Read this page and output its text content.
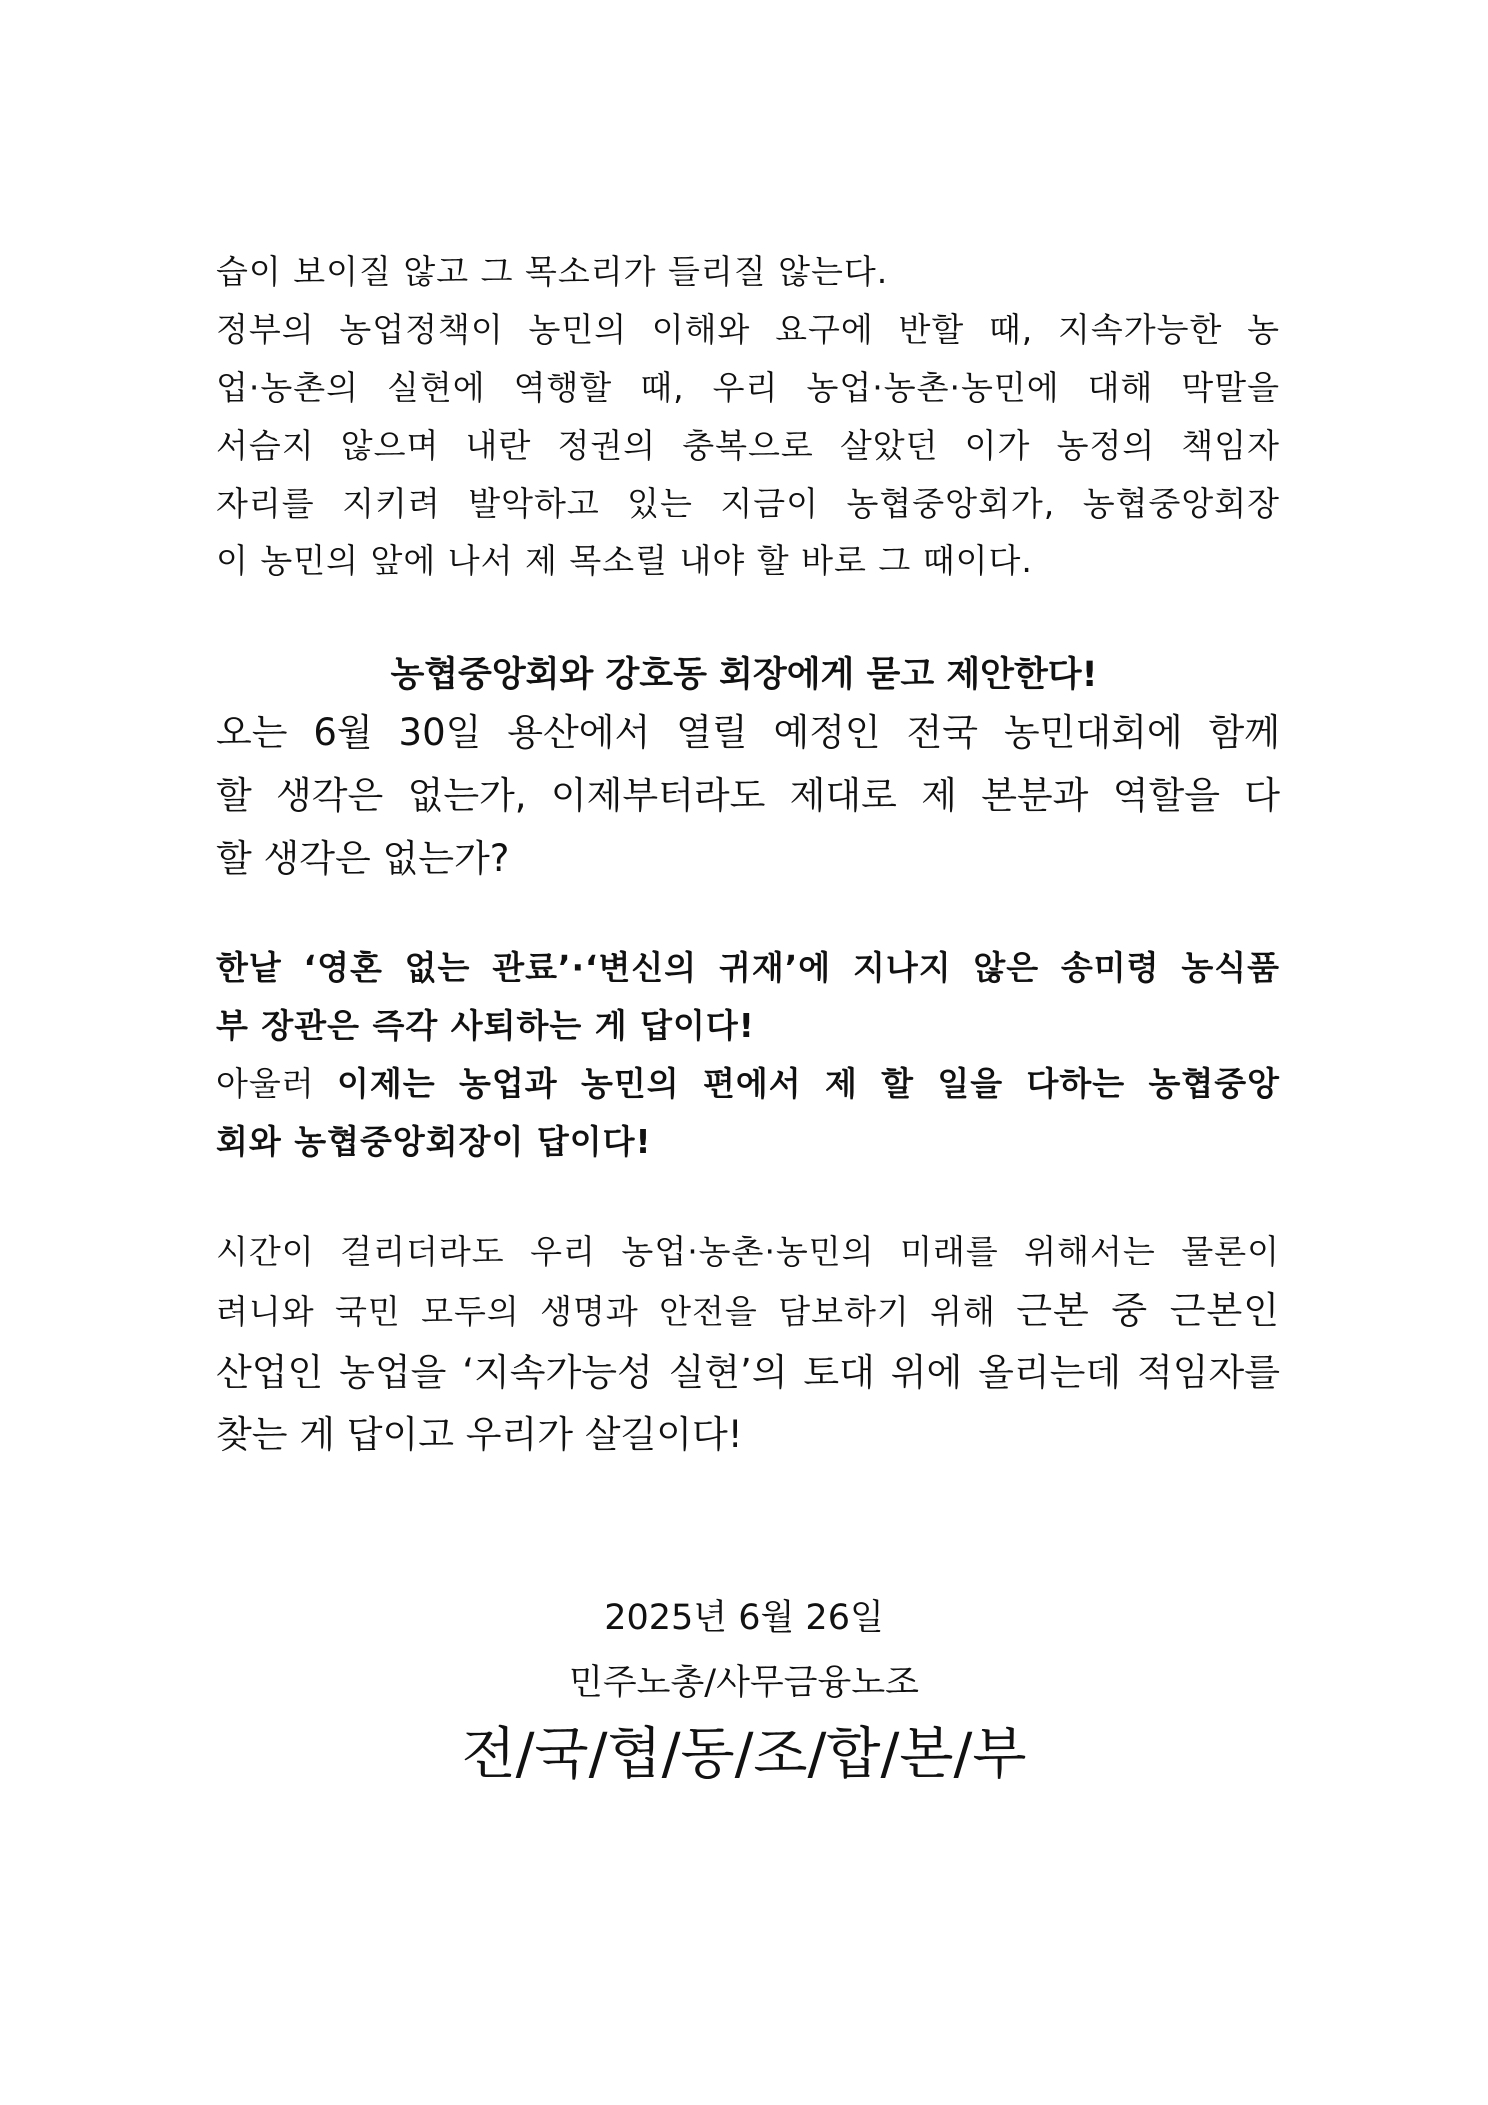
습이 보이질 않고 그 목소리가 들리질 않는다.
정부의 농업정책이 농민의 이해와 요구에 반할 때, 지속가능한 농
업·농촌의 실현에 역행할 때, 우리 농업·농촌·농민에 대해 막말을
서슴지 않으며 내란 정권의 충복으로 살았던 이가 농정의 책임자
자리를 지키려 발악하고 있는 지금이 농협중앙회가, 농협중앙회장
이 농민의 앞에 나서 제 목소릴 내야 할 바로 그 때이다.
농협중앙회와 강호동 회장에게 묻고 제안한다!
오는 6월 30일 용산에서 열릴 예정인 전국 농민대회에 함께
할 생각은 없는가, 이제부터라도 제대로 제 본분과 역할을 다
할 생각은 없는가?
한낱 ‘영혼 없는 관료’·‘변신의 귀재’에 지나지 않은 송미령 농식품
부 장관은 즉각 사퇴하는 게 답이다!
아울러 이제는 농업과 농민의 편에서 제 할 일을 다하는 농협중앙
회와 농협중앙회장이 답이다!
시간이 걸리더라도 우리 농업·농촌·농민의 미래를 위해서는 물론이
려니와 국민 모두의 생명과 안전을 담보하기 위해 근본 중 근본인
산업인 농업을 ‘지속가능성 실현’의 토대 위에 올리는데 적임자를
찾는 게 답이고 우리가 살길이다!
2025년 6월 26일
민주노총/사무금융노조
전/국/협/동/조/합/본/부
